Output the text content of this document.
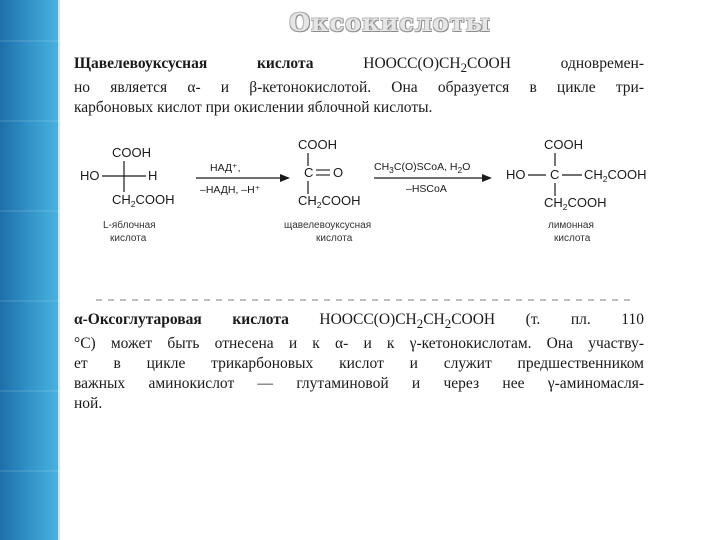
Оксокислоты
Щавелевоуксусная кислота $HOOCC(O)CH_2COOH$ одновремен-
но является α- и β-кетонокислотой. Она образуется в цикле три-
карбоновых кислот при окислении яблочной кислоты.
COOH
HO	H
$CH_2COOH$
L-яблочная
кислота
НАД⁺,
–НАДН, –Н⁺
COOH
C O
$CH_2COOH$
щавелевоуксусная
кислота
$CH_3C(O)SCoA$, $H_2O$
–HSCoA
COOH
HO C $CH_2COOH$
$CH_2COOH$
лимонная
кислота
α-Оксоглутаровая кислота $HOOCC(O)CH_2CH_2COOH$ (т. пл. 110
°C) может быть отнесена и к α- и к γ-кетонокислотам. Она участву-
ет в цикле трикарбоновых кислот и служит предшественником
важных аминокислот — глутаминовой и через нее γ-аминомасля-
ной.
